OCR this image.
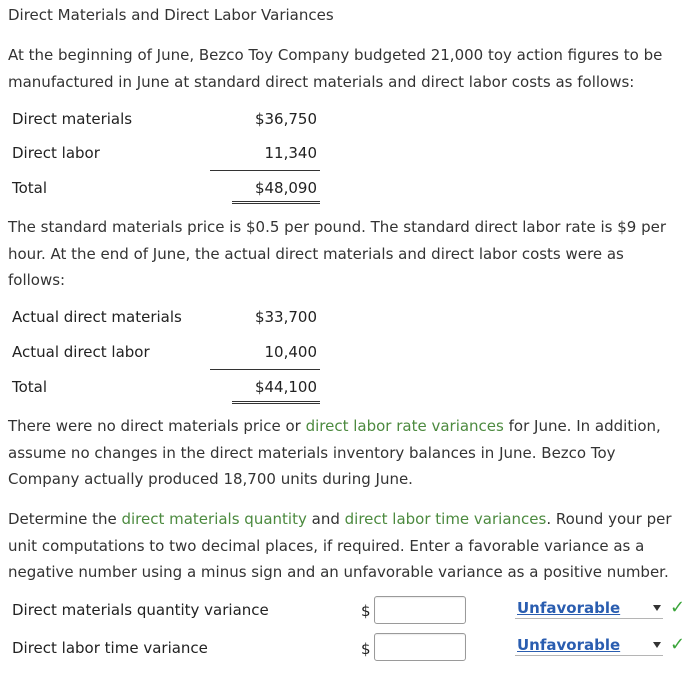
Direct Materials and Direct Labor Variances
At the beginning of June, Bezco Toy Company budgeted 21,000 toy action figures to be manufactured in June at standard direct materials and direct labor costs as follows:
Direct materials	$36,750
Direct labor	11,340
Total	$48,090
The standard materials price is $0.5 per pound. The standard direct labor rate is $9 per hour. At the end of June, the actual direct materials and direct labor costs were as follows:
Actual direct materials	$33,700
Actual direct labor	10,400
Total	$44,100
There were no direct materials price or direct labor rate variances for June. In addition, assume no changes in the direct materials inventory balances in June. Bezco Toy Company actually produced 18,700 units during June.
Determine the direct materials quantity and direct labor time variances. Round your per unit computations to two decimal places, if required. Enter a favorable variance as a negative number using a minus sign and an unfavorable variance as a positive number.
Direct materials quantity variance	$	Unfavorable	✓
Direct labor time variance	$	Unfavorable	✓
